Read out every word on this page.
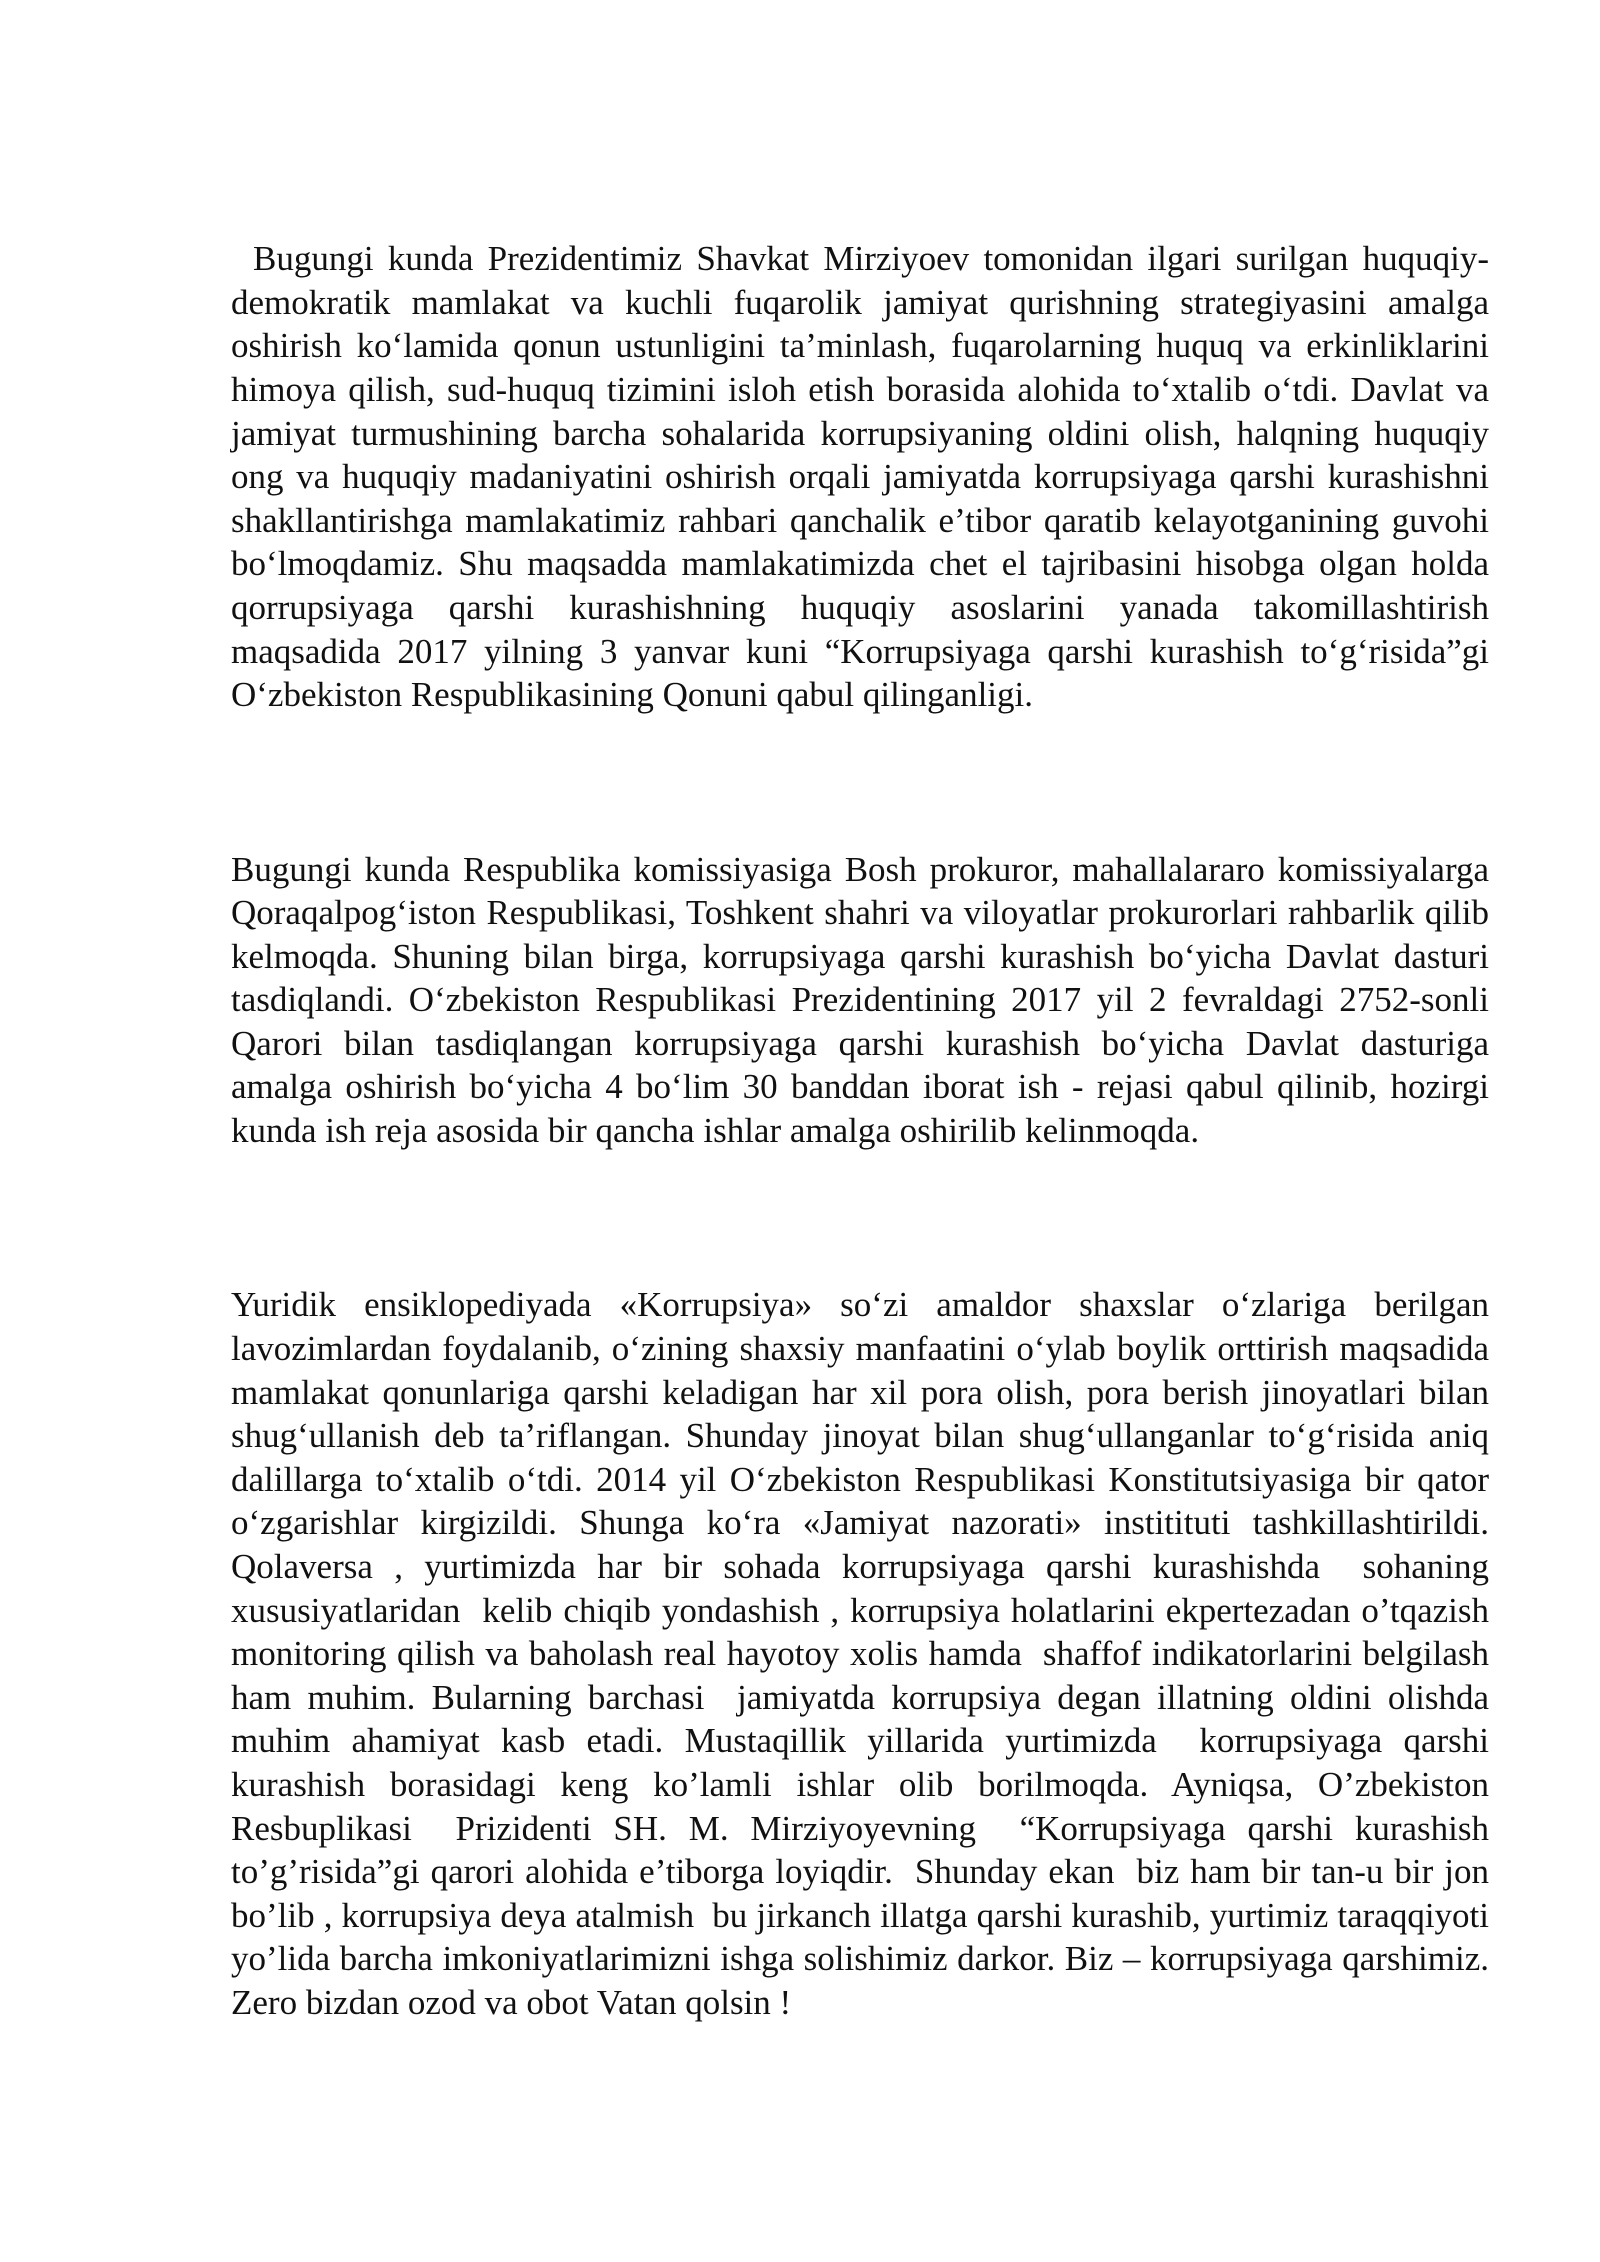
Bugungi kunda Prezidentimiz Shavkat Mirziyoev tomonidan ilgari surilgan huquqiy-demokratik mamlakat va kuchli fuqarolik jamiyat qurishning strategiyasini amalga oshirish ko‘lamida qonun ustunligini ta’minlash, fuqarolarning huquq va erkinliklarini himoya qilish, sud-huquq tizimini isloh etish borasida alohida to‘xtalib o‘tdi. Davlat va jamiyat turmushining barcha sohalarida korrupsiyaning oldini olish, halqning huquqiy ong va huquqiy madaniyatini oshirish orqali jamiyatda korrupsiyaga qarshi kurashishni shakllantirishga mamlakatimiz rahbari qanchalik e’tibor qaratib kelayotganining guvohi bo‘lmoqdamiz. Shu maqsadda mamlakatimizda chet el tajribasini hisobga olgan holda qorrupsiyaga qarshi kurashishning huquqiy asoslarini yanada takomillashtirish maqsadida 2017 yilning 3 yanvar kuni “Korrupsiyaga qarshi kurashish to‘g‘risida”gi O‘zbekiston Respublikasining Qonuni qabul qilinganligi.

Bugungi kunda Respublika komissiyasiga Bosh prokuror, mahallalararo komissiyalarga Qoraqalpog‘iston Respublikasi, Toshkent shahri va viloyatlar prokurorlari rahbarlik qilib kelmoqda. Shuning bilan birga, korrupsiyaga qarshi kurashish bo‘yicha Davlat dasturi tasdiqlandi. O‘zbekiston Respublikasi Prezidentining 2017 yil 2 fevraldagi 2752-sonli Qarori bilan tasdiqlangan korrupsiyaga qarshi kurashish bo‘yicha Davlat dasturiga amalga oshirish bo‘yicha 4 bo‘lim 30 banddan iborat ish - rejasi qabul qilinib, hozirgi kunda ish reja asosida bir qancha ishlar amalga oshirilib kelinmoqda.

Yuridik ensiklopediyada «Korrupsiya» so‘zi amaldor shaxslar o‘zlariga berilgan lavozimlardan foydalanib, o‘zining shaxsiy manfaatini o‘ylab boylik orttirish maqsadida mamlakat qonunlariga qarshi keladigan har xil pora olish, pora berish jinoyatlari bilan shug‘ullanish deb ta’riflangan. Shunday jinoyat bilan shug‘ullanganlar to‘g‘risida aniq dalillarga to‘xtalib o‘tdi. 2014 yil O‘zbekiston Respublikasi Konstitutsiyasiga bir qator o‘zgarishlar kirgizildi. Shunga ko‘ra «Jamiyat nazorati» instititutі tashkillashtirildi. Qolaversa , yurtimizda har bir sohada korrupsiyaga qarshi kurashishda  sohaning xususiyatlaridan  kelib chiqib yondashish , korrupsiya holatlarini ekpertezadan o’tqazish monitoring qilish va baholash real hayotoy xolis hamda  shaffof indikatorlarini belgilash ham muhim. Bularning barchasi  jamiyatda korrupsiya degan illatning oldini olishda muhim ahamiyat kasb etadi. Mustaqillik yillarida yurtimizda  korrupsiyaga qarshi kurashish borasidagi keng ko’lamli ishlar olib borilmoqda. Ayniqsa, O’zbekiston Resbuplikasi  Prizidenti SH. M. Mirziyoyevning  “Korrupsiyaga qarshi kurashish to’g’risida”gi qarori alohida e’tiborga loyiqdir.  Shunday ekan  biz ham bir tan-u bir jon bo’lib , korrupsiya deya atalmish  bu jirkanch illatga qarshi kurashib, yurtimiz taraqqiyoti yo’lida barcha imkoniyatlarimizni ishga solishimiz darkor. Biz – korrupsiyaga qarshimiz. Zero bizdan ozod va obot Vatan qolsin !
